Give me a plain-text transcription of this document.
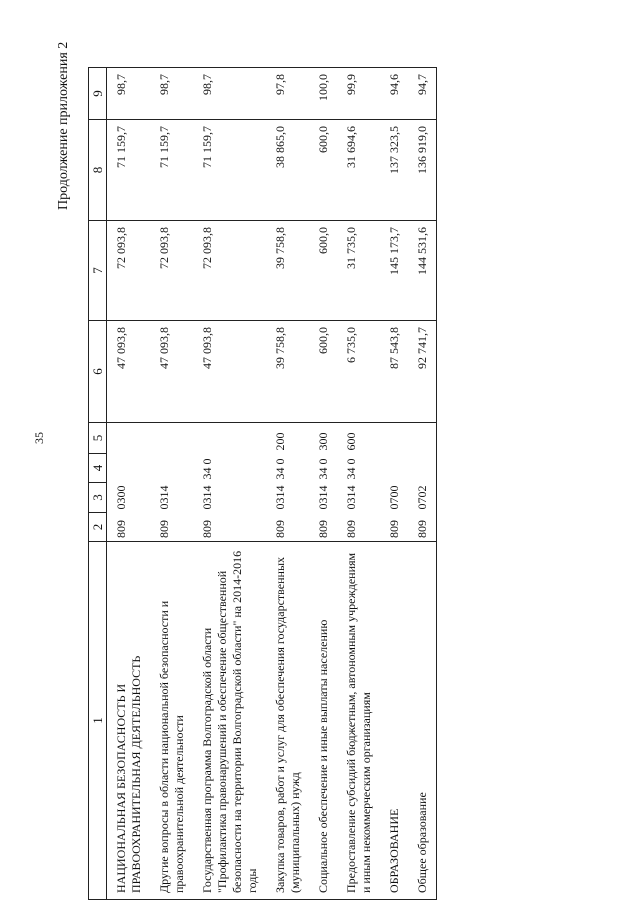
35
Продолжение приложения 2
1	2	3	4	5	6	7	8	9
НАЦИОНАЛЬНАЯ БЕЗОПАСНОСТЬ И ПРАВООХРАНИТЕЛЬНАЯ ДЕЯТЕЛЬНОСТЬ	809	0300			47 093,8	72 093,8	71 159,7	98,7

Другие вопросы в области национальной безопасности и правоохранительной деятельности	809	0314			47 093,8	72 093,8	71 159,7	98,7

Государственная программа Волгоградской области "Профилактика правонарушений и обеспечение общественной безопасности на территории Волгоградской области" на 2014-2016 годы	809	0314	34 0		47 093,8	72 093,8	71 159,7	98,7

Закупка товаров, работ и услуг для обеспечения государственных (муниципальных) нужд	809	0314	34 0	200	39 758,8	39 758,8	38 865,0	97,8

Социальное обеспечение и иные выплаты населению	809	0314	34 0	300	600,0	600,0	600,0	100,0

Предоставление субсидий бюджетным, автономным учреждениям и иным некоммерческим организациям	809	0314	34 0	600	6 735,0	31 735,0	31 694,6	99,9

ОБРАЗОВАНИЕ	809	0700			87 543,8	145 173,7	137 323,5	94,6

Общее образование	809	0702			92 741,7	144 531,6	136 919,0	94,7
